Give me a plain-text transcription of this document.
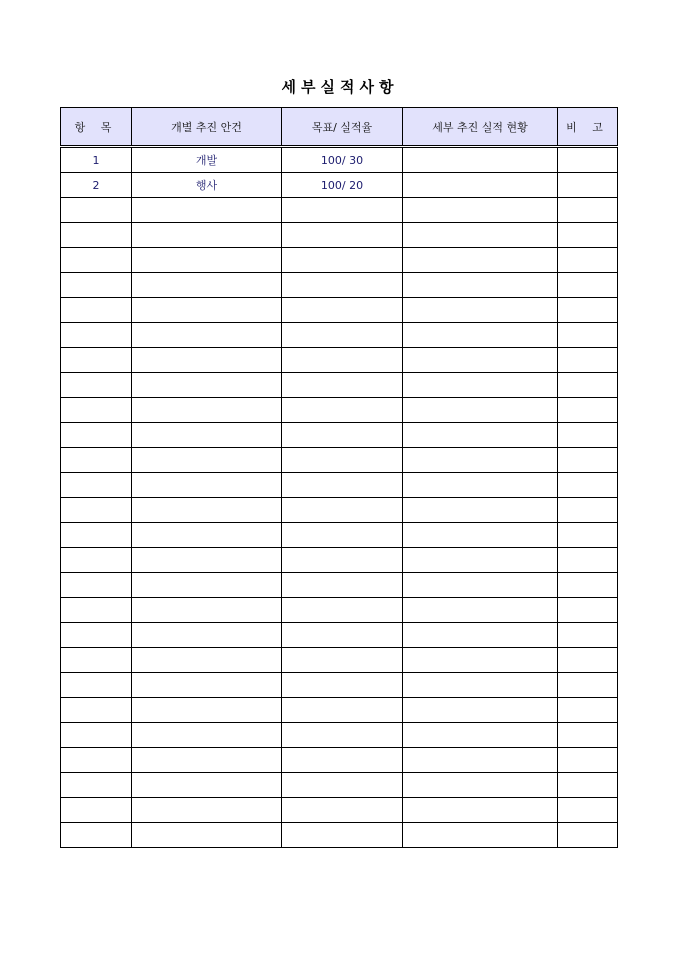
세부실적사항
항 목	개별 추진 안건	목표/ 실적율	세부 추진 실적 현황	비 고
1	개발	100/ 30		
2	행사	100/ 20		
